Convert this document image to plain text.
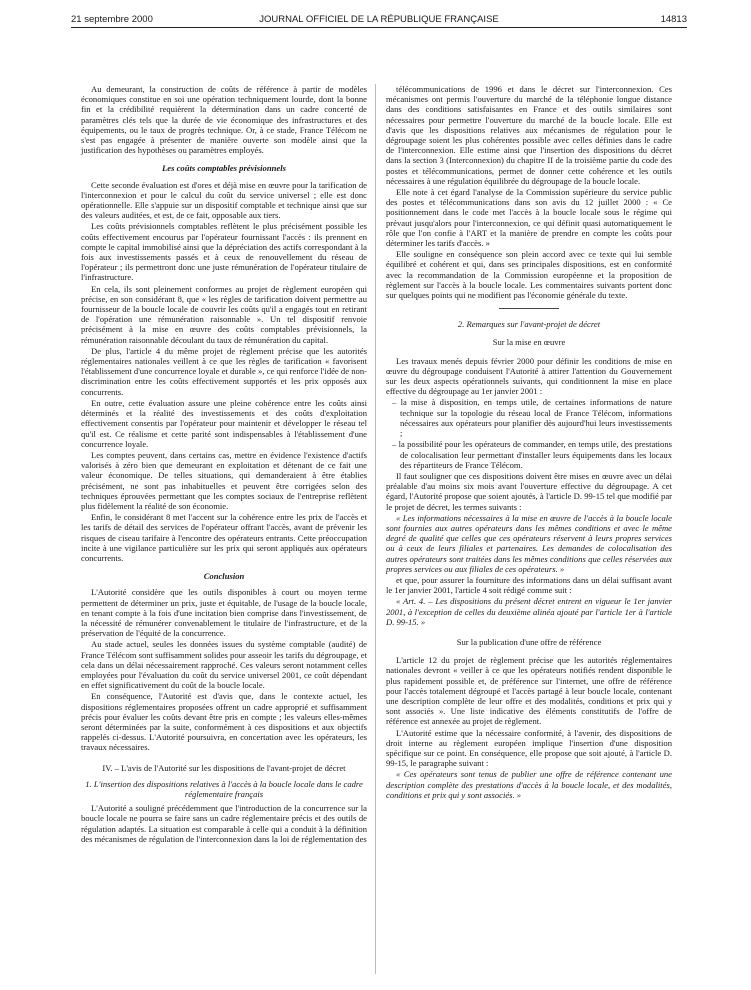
21 septembre 2000	JOURNAL OFFICIEL DE LA RÉPUBLIQUE FRANÇAISE	14813

Au demeurant, la construction de coûts de référence à partir de modèles économiques constitue en soi une opération techniquement lourde, dont la bonne fin et la crédibilité requièrent la détermination dans un cadre concerté de paramètres clés tels que la durée de vie économique des infrastructures et des équipements, ou le taux de progrès technique. Or, à ce stade, France Télécom ne s'est pas engagée à présenter de manière ouverte son modèle ainsi que la justification des hypothèses ou paramètres employés.

Les coûts comptables prévisionnels

Cette seconde évaluation est d'ores et déjà mise en œuvre pour la tarification de l'interconnexion et pour le calcul du coût du service universel ; elle est donc opérationnelle. Elle s'appuie sur un dispositif comptable et technique ainsi que sur des valeurs auditées, et est, de ce fait, opposable aux tiers.

Les coûts prévisionnels comptables reflètent le plus précisément possible les coûts effectivement encourus par l'opérateur fournissant l'accès : ils prennent en compte le capital immobilisé ainsi que la dépréciation des actifs correspondant à la fois aux investissements passés et à ceux de renouvellement du réseau de l'opérateur ; ils permettront donc une juste rémunération de l'opérateur titulaire de l'infrastructure.

En cela, ils sont pleinement conformes au projet de règlement européen qui précise, en son considérant 8, que « les règles de tarification doivent permettre au fournisseur de la boucle locale de couvrir les coûts qu'il a engagés tout en retirant de l'opération une rémunération raisonnable ». Un tel dispositif renvoie précisément à la mise en œuvre des coûts comptables prévisionnels, la rémunération raisonnable découlant du taux de rémunération du capital.

De plus, l'article 4 du même projet de règlement précise que les autorités réglementaires nationales veillent à ce que les règles de tarification « favorisent l'établissement d'une concurrence loyale et durable », ce qui renforce l'idée de non-discrimination entre les coûts effectivement supportés et les prix opposés aux concurrents.

En outre, cette évaluation assure une pleine cohérence entre les coûts ainsi déterminés et la réalité des investissements et des coûts d'exploitation effectivement consentis par l'opérateur pour maintenir et développer le réseau tel qu'il est. Ce réalisme et cette parité sont indispensables à l'établissement d'une concurrence loyale.

Les comptes peuvent, dans certains cas, mettre en évidence l'existence d'actifs valorisés à zéro bien que demeurant en exploitation et détenant de ce fait une valeur économique. De telles situations, qui demanderaient à être établies précisément, ne sont pas inhabituelles et peuvent être corrigées selon des techniques éprouvées permettant que les comptes sociaux de l'entreprise reflètent plus fidèlement la réalité de son économie.

Enfin, le considérant 8 met l'accent sur la cohérence entre les prix de l'accès et les tarifs de détail des services de l'opérateur offrant l'accès, avant de prévenir les risques de ciseau tarifaire à l'encontre des opérateurs entrants. Cette préoccupation incite à une vigilance particulière sur les prix qui seront appliqués aux opérateurs concurrents.

Conclusion

L'Autorité considère que les outils disponibles à court ou moyen terme permettent de déterminer un prix, juste et équitable, de l'usage de la boucle locale, en tenant compte à la fois d'une incitation bien comprise dans l'investissement, de la nécessité de rémunérer convenablement le titulaire de l'infrastructure, et de la préservation de l'équité de la concurrence.

Au stade actuel, seules les données issues du système comptable (audité) de France Télécom sont suffisamment solides pour asseoir les tarifs du dégroupage, et cela dans un délai nécessairement rapproché. Ces valeurs seront notamment celles employées pour l'évaluation du coût du service universel 2001, ce coût dépendant en effet significativement du coût de la boucle locale.

En conséquence, l'Autorité est d'avis que, dans le contexte actuel, les dispositions réglementaires proposées offrent un cadre approprié et suffisamment précis pour évaluer les coûts devant être pris en compte ; les valeurs elles-mêmes seront déterminées par la suite, conformément à ces dispositions et aux objectifs rappelés ci-dessus. L'Autorité poursuivra, en concertation avec les opérateurs, les travaux nécessaires.

IV. – L'avis de l'Autorité sur les dispositions de l'avant-projet de décret

1. L'insertion des dispositions relatives à l'accès à la boucle locale dans le cadre réglementaire français

L'Autorité a souligné précédemment que l'introduction de la concurrence sur la boucle locale ne pourra se faire sans un cadre réglementaire précis et des outils de régulation adaptés. La situation est comparable à celle qui a conduit à la définition des mécanismes de régulation de l'interconnexion dans la loi de réglementation des

télécommunications de 1996 et dans le décret sur l'interconnexion. Ces mécanismes ont permis l'ouverture du marché de la téléphonie longue distance dans des conditions satisfaisantes en France et des outils similaires sont nécessaires pour permettre l'ouverture du marché de la boucle locale. Elle est d'avis que les dispositions relatives aux mécanismes de régulation pour le dégroupage soient les plus cohérentes possible avec celles définies dans le cadre de l'interconnexion. Elle estime ainsi que l'insertion des dispositions du décret dans la section 3 (Interconnexion) du chapitre II de la troisième partie du code des postes et télécommunications, permet de donner cette cohérence et les outils nécessaires à une régulation équilibrée du dégroupage de la boucle locale.

Elle note à cet égard l'analyse de la Commission supérieure du service public des postes et télécommunications dans son avis du 12 juillet 2000 : « Ce positionnement dans le code met l'accès à la boucle locale sous le régime qui prévaut jusqu'alors pour l'interconnexion, ce qui définit quasi automatiquement le rôle que l'on confie à l'ART et la manière de prendre en compte les coûts pour déterminer les tarifs d'accès. »

Elle souligne en conséquence son plein accord avec ce texte qui lui semble équilibré et cohérent et qui, dans ses principales dispositions, est en conformité avec la recommandation de la Commission européenne et la proposition de règlement sur l'accès à la boucle locale. Les commentaires suivants portent donc sur quelques points qui ne modifient pas l'économie générale du texte.

2. Remarques sur l'avant-projet de décret

Sur la mise en œuvre

Les travaux menés depuis février 2000 pour définir les conditions de mise en œuvre du dégroupage conduisent l'Autorité à attirer l'attention du Gouvernement sur les deux aspects opérationnels suivants, qui conditionnent la mise en place effective du dégroupage au 1er janvier 2001 :

– la mise à disposition, en temps utile, de certaines informations de nature technique sur la topologie du réseau local de France Télécom, informations nécessaires aux opérateurs pour planifier dès aujourd'hui leurs investissements ;

– la possibilité pour les opérateurs de commander, en temps utile, des prestations de colocalisation leur permettant d'installer leurs équipements dans les locaux des répartiteurs de France Télécom.

Il faut souligner que ces dispositions doivent être mises en œuvre avec un délai préalable d'au moins six mois avant l'ouverture effective du dégroupage. A cet égard, l'Autorité propose que soient ajoutés, à l'article D. 99-15 tel que modifié par le projet de décret, les termes suivants :

« Les informations nécessaires à la mise en œuvre de l'accès à la boucle locale sont fournies aux autres opérateurs dans les mêmes conditions et avec le même degré de qualité que celles que ces opérateurs réservent à leurs propres services ou à ceux de leurs filiales et partenaires. Les demandes de colocalisation des autres opérateurs sont traitées dans les mêmes conditions que celles réservées aux propres services ou aux filiales de ces opérateurs. »

et que, pour assurer la fourniture des informations dans un délai suffisant avant le 1er janvier 2001, l'article 4 soit rédigé comme suit :

« Art. 4. – Les dispositions du présent décret entrent en vigueur le 1er janvier 2001, à l'exception de celles du deuxième alinéa ajouté par l'article 1er à l'article D. 99-15. »

Sur la publication d'une offre de référence

L'article 12 du projet de règlement précise que les autorités réglementaires nationales devront « veiller à ce que les opérateurs notifiés rendent disponible le plus rapidement possible et, de préférence sur l'internet, une offre de référence pour l'accès totalement dégroupé et l'accès partagé à leur boucle locale, contenant une description complète de leur offre et des modalités, conditions et prix qui y sont associés ». Une liste indicative des éléments constitutifs de l'offre de référence est annexée au projet de règlement.

L'Autorité estime que la nécessaire conformité, à l'avenir, des dispositions de droit interne au règlement européen implique l'insertion d'une disposition spécifique sur ce point. En conséquence, elle propose que soit ajouté, à l'article D. 99-15, le paragraphe suivant :

« Ces opérateurs sont tenus de publier une offre de référence contenant une description complète des prestations d'accès à la boucle locale, et des modalités, conditions et prix qui y sont associés. »
